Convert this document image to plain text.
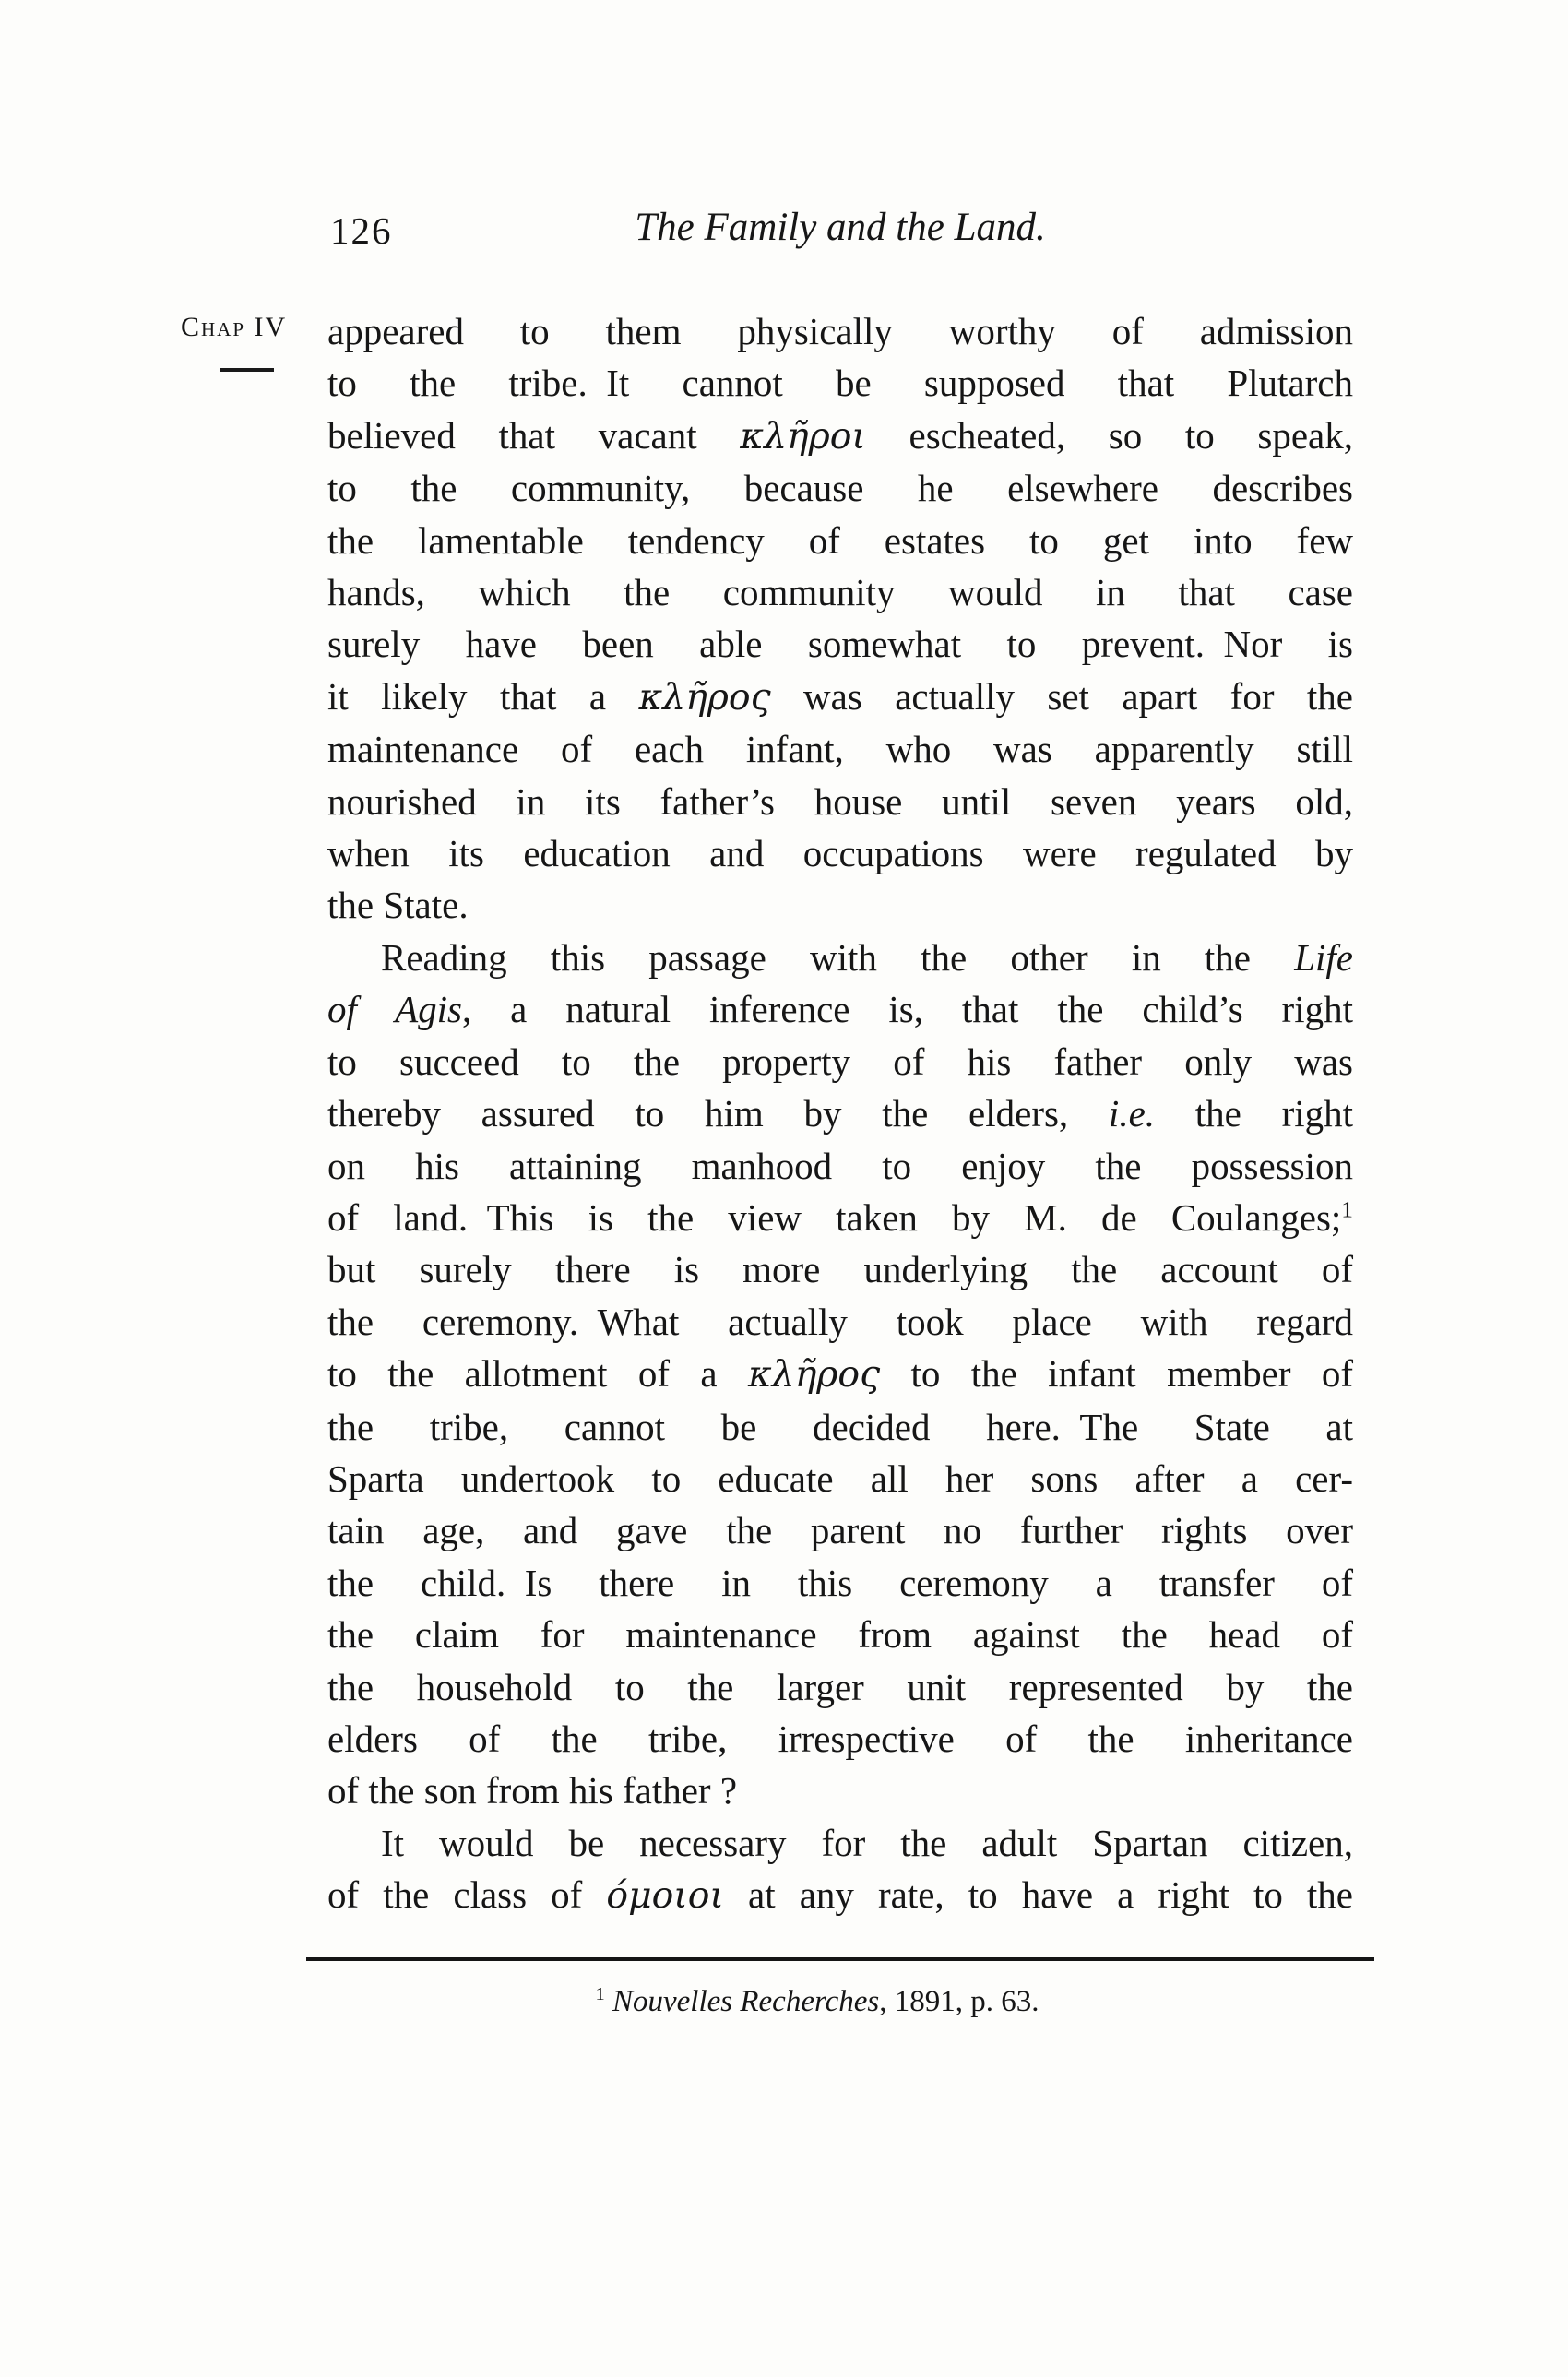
126	The Family and the Land.
Chap IV appeared to them physically worthy of admission
to the tribe. It cannot be supposed that Plutarch
believed that vacant κλῆροι escheated, so to speak,
to the community, because he elsewhere describes
the lamentable tendency of estates to get into few
hands, which the community would in that case
surely have been able somewhat to prevent. Nor is
it likely that a κλῆρος was actually set apart for the
maintenance of each infant, who was apparently still
nourished in its father’s house until seven years old,
when its education and occupations were regulated by
the State.
Reading this passage with the other in the Life
of Agis, a natural inference is, that the child’s right
to succeed to the property of his father only was
thereby assured to him by the elders, i.e. the right
on his attaining manhood to enjoy the possession
of land. This is the view taken by M. de Coulanges;$^1$
but surely there is more underlying the account of
the ceremony. What actually took place with regard
to the allotment of a κλῆρος to the infant member of
the tribe, cannot be decided here. The State at
Sparta undertook to educate all her sons after a cer-
tain age, and gave the parent no further rights over
the child. Is there in this ceremony a transfer of
the claim for maintenance from against the head of
the household to the larger unit represented by the
elders of the tribe, irrespective of the inheritance
of the son from his father ?
It would be necessary for the adult Spartan citizen,
of the class of όμοιοι at any rate, to have a right to the
$^1$ Nouvelles Recherches, 1891, p. 63.
